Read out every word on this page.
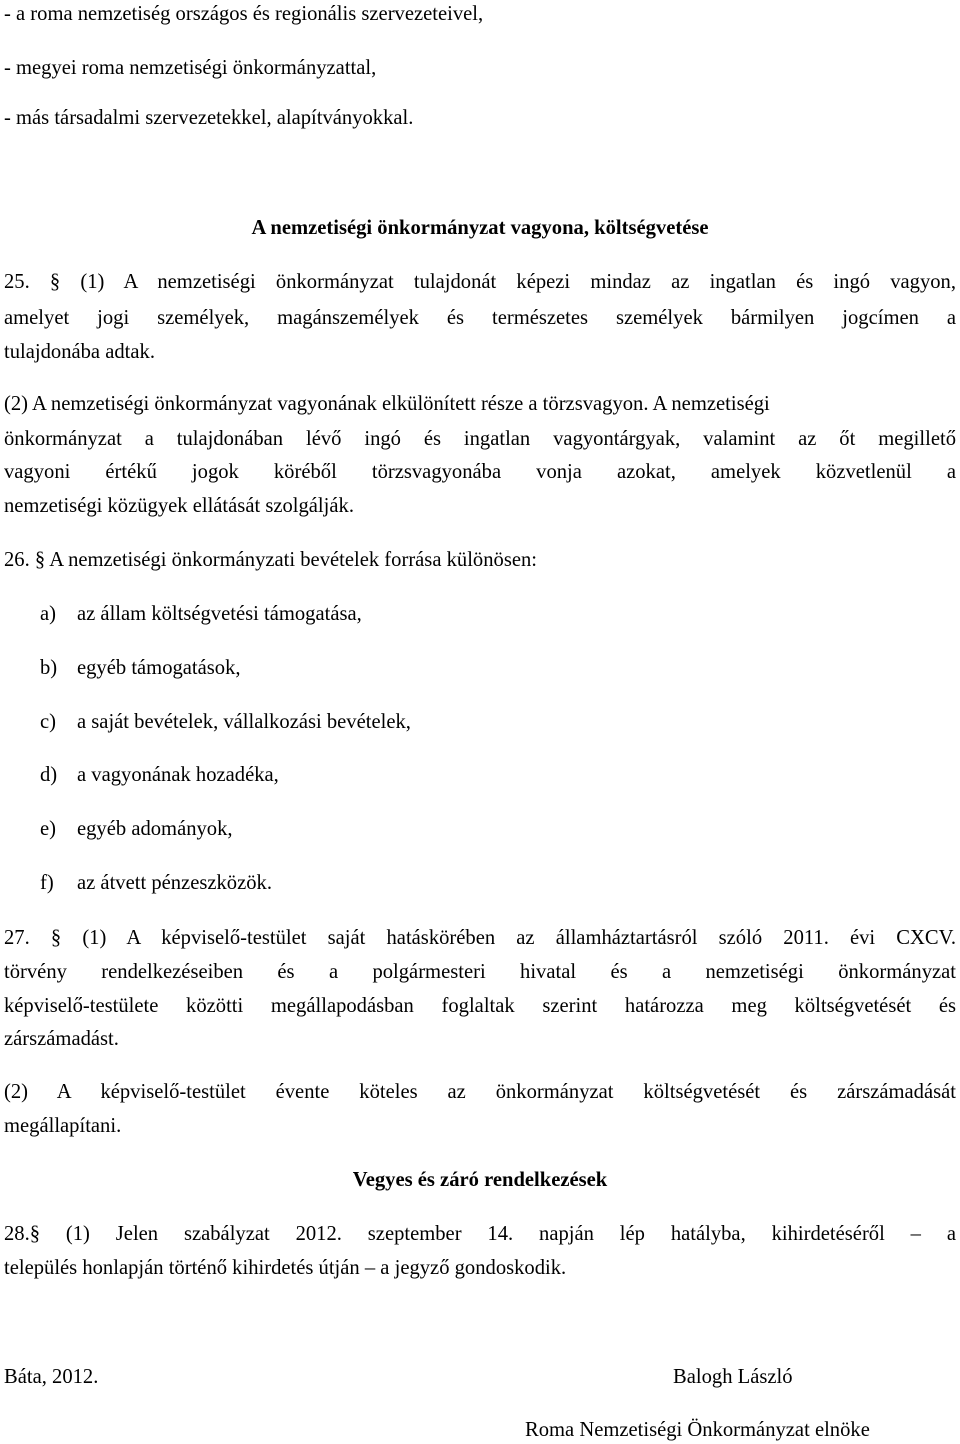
- a roma nemzetiség országos és regionális szervezeteivel,
- megyei roma nemzetiségi önkormányzattal,
- más társadalmi szervezetekkel, alapítványokkal.
A nemzetiségi önkormányzat vagyona, költségvetése
25. § (1) A nemzetiségi önkormányzat tulajdonát képezi mindaz az ingatlan és ingó vagyon,
amelyet jogi személyek, magánszemélyek és természetes személyek bármilyen jogcímen a
tulajdonába adtak.
(2) A nemzetiségi önkormányzat vagyonának elkülönített része a törzsvagyon. A nemzetiségi
önkormányzat a tulajdonában lévő ingó és ingatlan vagyontárgyak, valamint az őt megillető
vagyoni értékű jogok köréből törzsvagyonába vonja azokat, amelyek közvetlenül a
nemzetiségi közügyek ellátását szolgálják.
26. § A nemzetiségi önkormányzati bevételek forrása különösen:
a) az állam költségvetési támogatása,
b) egyéb támogatások,
c) a saját bevételek, vállalkozási bevételek,
d) a vagyonának hozadéka,
e) egyéb adományok,
f) az átvett pénzeszközök.
27. § (1) A képviselő-testület saját hatáskörében az államháztartásról szóló 2011. évi CXCV.
törvény rendelkezéseiben és a polgármesteri hivatal és a nemzetiségi önkormányzat
képviselő-testülete közötti megállapodásban foglaltak szerint határozza meg költségvetését és
zárszámadást.
(2) A képviselő-testület évente köteles az önkormányzat költségvetését és zárszámadását
megállapítani.
Vegyes és záró rendelkezések
28.§ (1) Jelen szabályzat 2012. szeptember 14. napján lép hatályba, kihirdetéséről – a
település honlapján történő kihirdetés útján – a jegyző gondoskodik.
Báta, 2012.	Balogh László
Roma Nemzetiségi Önkormányzat elnöke
